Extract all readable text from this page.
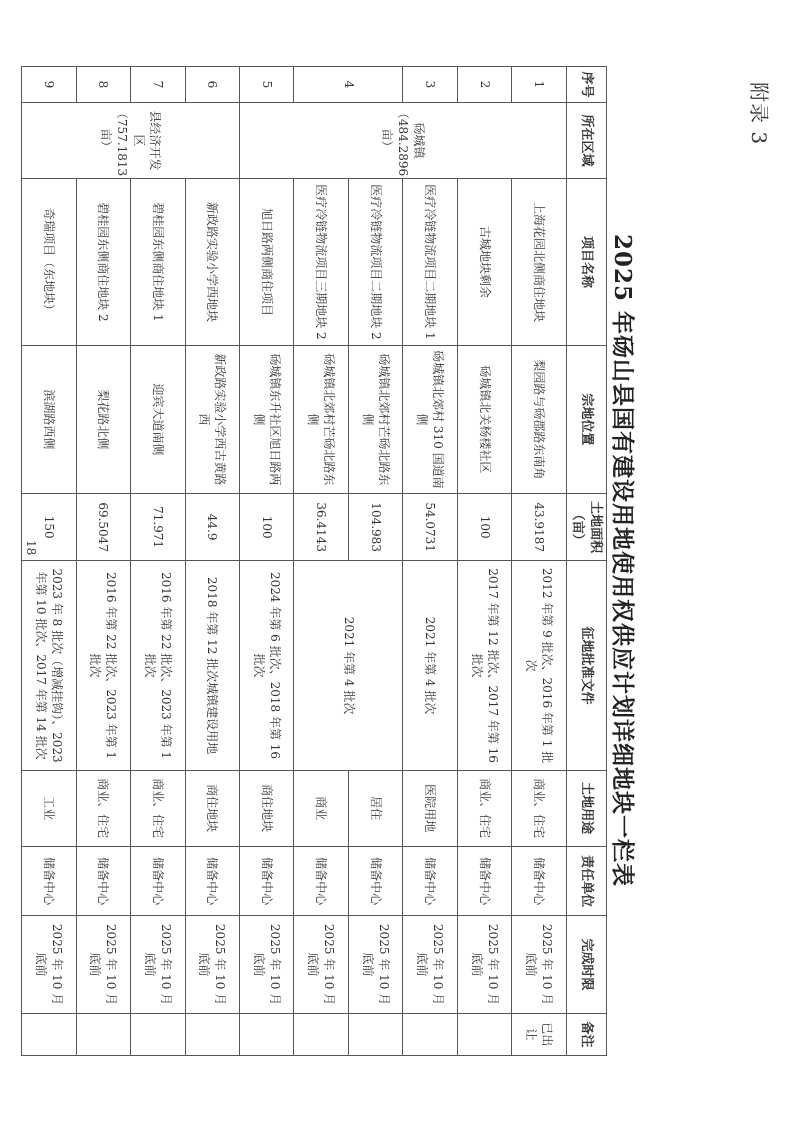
附录 3
2025 年砀山县国有建设用地使用权供应计划详细地块一栏表
序号	所在区域	项目名称	宗地位置	土地面积（亩）	征地批准文件	土地用途	责任单位	完成时限	备注
1	砀城镇（484.2896 亩）	上海花园北侧商住地块	梨园路与砀郡路东南角	43.9187	2012 年第 9 批次、2016 年第 1 批次	商业、住宅	储备中心	2025 年 10 月底前	已出让
2		古城地块剩余	砀城镇北关杨楼社区	100	2017 年第 12 批次、2017 年第 16 批次	商业、住宅	储备中心	2025 年 10 月底前	
3		医疗冷链物流项目二期地块 1	砀城镇北郊村 310 国道南侧	54.0731	2021 年第 4 批次	医院用地	储备中心	2025 年 10 月底前	
4		医疗冷链物流项目二期地块 2	砀城镇北郊村芒砀北路东侧	104.983	2021 年第 4 批次	居住	储备中心	2025 年 10 月底前	
		医疗冷链物流项目三期地块 2	砀城镇北郊村芒砀北路东侧	36.4143		商业	储备中心	2025 年 10 月底前	
5		旭日路两侧商住项目	砀城镇东升社区旭日路两侧	100	2024 年第 6 批次、2018 年第 16 批次	商住地块	储备中心	2025 年 10 月底前	
6	县经济开发区（757.1813 亩）	新政路实验小学西地块	新政路实验小学西古黄路西	44.9	2018 年第 12 批次城镇建设用地	商住地块	储备中心	2025 年 10 月底前	
7		碧桂园东侧商住地块 1	迎宾大道南侧	71.971	2016 年第 22 批次、2023 年第 1 批次	商业、住宅	储备中心	2025 年 10 月底前	
8		碧桂园东侧商住地块 2	梨花路北侧	69.5047	2016 年第 22 批次、2023 年第 1 批次	商业、住宅	储备中心	2025 年 10 月底前	
9		奇瑞项目（东地块）	滨湖路西侧	150	2023 年 8 批次（增减挂钩）、2023 年第 10 批次、2017 年第 14 批次	工业	储备中心	2025 年 10 月底前	
18
